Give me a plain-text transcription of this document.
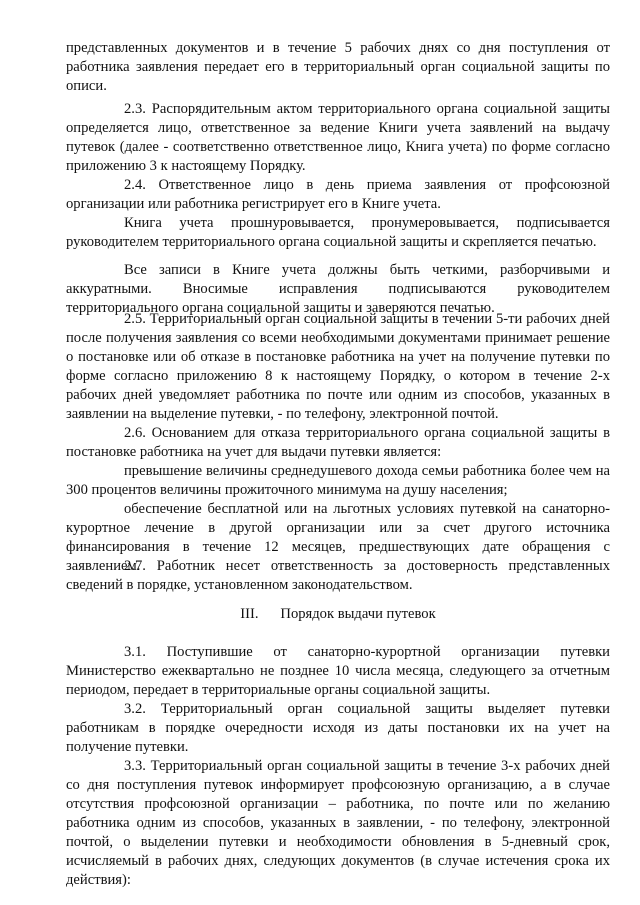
представленных документов и в течение 5 рабочих днях со дня поступления от работника заявления передает его в территориальный орган социальной защиты по описи.

2.3. Распорядительным актом территориального органа социальной защиты определяется лицо, ответственное за ведение Книги учета заявлений на выдачу путевок (далее - соответственно ответственное лицо, Книга учета) по форме согласно приложению 3 к настоящему Порядку.

2.4. Ответственное лицо в день приема заявления от профсоюзной организации или работника регистрирует его в Книге учета.

Книга учета прошнуровывается, пронумеровывается, подписывается руководителем территориального органа социальной защиты и скрепляется печатью.

Все записи в Книге учета должны быть четкими, разборчивыми и аккуратными. Вносимые исправления подписываются руководителем территориального органа социальной защиты и заверяются печатью.

2.5. Территориальный орган социальной защиты в течении 5-ти рабочих дней после получения заявления со всеми необходимыми документами принимает решение о постановке или об отказе в постановке работника на учет на получение путевки по форме согласно приложению 8 к настоящему Порядку, о котором в течение 2-х рабочих дней уведомляет работника по почте или одним из способов, указанных в заявлении на выделение путевки, - по телефону, электронной почтой.

2.6. Основанием для отказа территориального органа социальной защиты в постановке работника на учет для выдачи путевки является:

превышение величины среднедушевого дохода семьи работника более чем на 300 процентов величины прожиточного минимума на душу населения;

обеспечение бесплатной или на льготных условиях путевкой на санаторно-курортное лечение в другой организации или за счет другого источника финансирования в течение 12 месяцев, предшествующих дате обращения с заявлением.

2.7. Работник несет ответственность за достоверность представленных сведений в порядке, установленном законодательством.

III.      Порядок выдачи путевок

3.1. Поступившие от санаторно-курортной организации путевки Министерство ежеквартально не позднее 10 числа месяца, следующего за отчетным периодом, передает в территориальные органы социальной защиты.

3.2. Территориальный орган социальной защиты выделяет путевки работникам в порядке очередности исходя из даты постановки их на учет на получение путевки.

3.3. Территориальный орган социальной защиты в течение 3-х рабочих дней со дня поступления путевок информирует профсоюзную организацию, а в случае отсутствия профсоюзной организации – работника, по почте или по желанию работника одним из способов, указанных в заявлении, - по телефону, электронной почтой, о выделении путевки и необходимости обновления в 5-дневный срок, исчисляемый в рабочих днях, следующих документов (в случае истечения срока их действия):
